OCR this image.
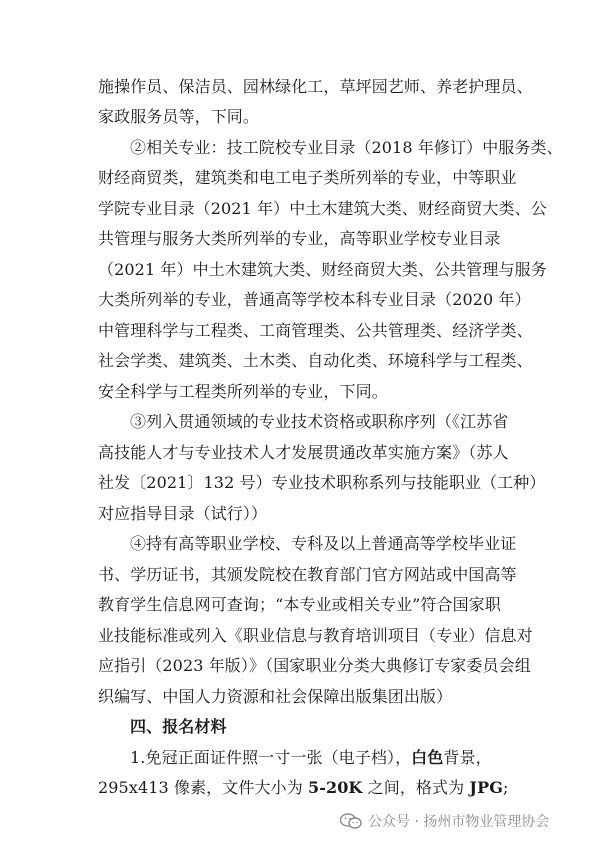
施操作员、保洁员、园林绿化工，草坪园艺师、养老护理员、
家政服务员等，下同。
②相关专业：技工院校专业目录（2018 年修订）中服务类、
财经商贸类，建筑类和电工电子类所列举的专业，中等职业
学院专业目录（2021 年）中土木建筑大类、财经商贸大类、公
共管理与服务大类所列举的专业，高等职业学校专业目录
（2021 年）中土木建筑大类、财经商贸大类、公共管理与服务
大类所列举的专业，普通高等学校本科专业目录（2020 年）
中管理科学与工程类、工商管理类、公共管理类、经济学类、
社会学类、建筑类、土木类、自动化类、环境科学与工程类、
安全科学与工程类所列举的专业，下同。
③列入贯通领域的专业技术资格或职称序列（《江苏省
高技能人才与专业技术人才发展贯通改革实施方案》（苏人
社发〔2021〕132 号）专业技术职称系列与技能职业（工种）
对应指导目录（试行））
④持有高等职业学校、专科及以上普通高等学校毕业证
书、学历证书，其颁发院校在教育部门官方网站或中国高等
教育学生信息网可查询；“本专业或相关专业”符合国家职
业技能标准或列入《职业信息与教育培训项目（专业）信息对
应指引（2023 年版）》（国家职业分类大典修订专家委员会组
织编写、中国人力资源和社会保障出版集团出版）
四、报名材料
1.免冠正面证件照一寸一张（电子档），白色背景，
295x413 像素，文件大小为 5-20K 之间，格式为 JPG;
公众号 · 扬州市物业管理协会
